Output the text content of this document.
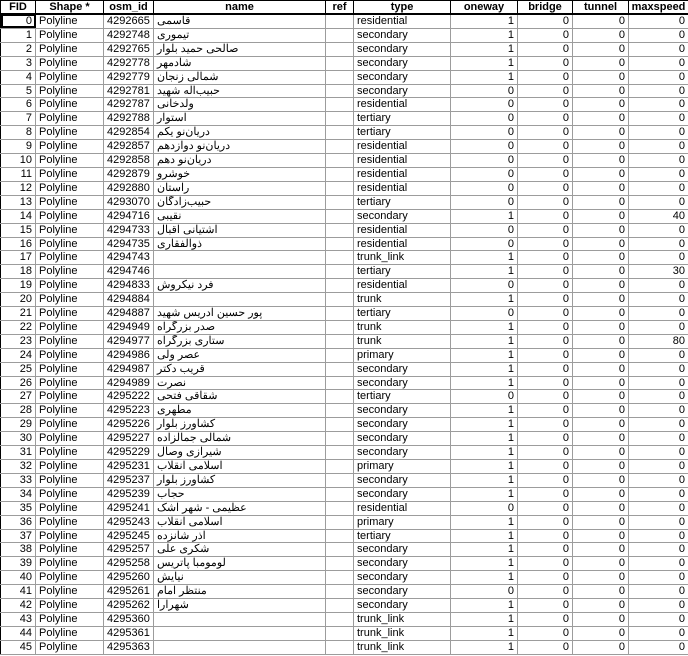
FID	Shape *	osm_id	name	ref	type	oneway	bridge	tunnel	maxspeed
0	Polyline	4292665	قاسمی		residential	1	0	0	0
1	Polyline	4292748	تیموری		secondary	1	0	0	0
2	Polyline	4292765	صالحی حمید بلوار		secondary	1	0	0	0
3	Polyline	4292778	شادمهر		secondary	1	0	0	0
4	Polyline	4292779	شمالی زنجان		secondary	1	0	0	0
5	Polyline	4292781	حبیب‌اله شهید		secondary	0	0	0	0
6	Polyline	4292787	ولدخانی		residential	0	0	0	0
7	Polyline	4292788	استوار		tertiary	0	0	0	0
8	Polyline	4292854	دریان‌نو یکم		tertiary	0	0	0	0
9	Polyline	4292857	دریان‌نو دوازدهم		residential	0	0	0	0
10	Polyline	4292858	دریان‌نو دهم		residential	0	0	0	0
11	Polyline	4292879	خوشرو		residential	0	0	0	0
12	Polyline	4292880	راستان		residential	0	0	0	0
13	Polyline	4293070	حبیب‌زادگان		tertiary	0	0	0	0
14	Polyline	4294716	نقیبی		secondary	1	0	0	40
15	Polyline	4294733	آشتیانی اقبال		residential	0	0	0	0
16	Polyline	4294735	ذوالفقاری		residential	0	0	0	0
17	Polyline	4294743			trunk_link	1	0	0	0
18	Polyline	4294746			tertiary	1	0	0	30
19	Polyline	4294833	فرد نیکروش		residential	0	0	0	0
20	Polyline	4294884			trunk	1	0	0	0
21	Polyline	4294887	پور حسین ادریس شهید		tertiary	0	0	0	0
22	Polyline	4294949	صدر بزرگراه		trunk	1	0	0	0
23	Polyline	4294977	ستاری بزرگراه		trunk	1	0	0	80
24	Polyline	4294986	عصر ولی		primary	1	0	0	0
25	Polyline	4294987	قریب دکتر		secondary	1	0	0	0
26	Polyline	4294989	نصرت		secondary	1	0	0	0
27	Polyline	4295222	شقاقی فتحی		tertiary	0	0	0	0
28	Polyline	4295223	مطهری		secondary	1	0	0	0
29	Polyline	4295226	کشاورز بلوار		secondary	1	0	0	0
30	Polyline	4295227	شمالی جمالزاده		secondary	1	0	0	0
31	Polyline	4295229	شیرازی وصال		secondary	1	0	0	0
32	Polyline	4295231	اسلامی انقلاب		primary	1	0	0	0
33	Polyline	4295237	کشاورز بلوار		secondary	1	0	0	0
34	Polyline	4295239	حجاب		secondary	1	0	0	0
35	Polyline	4295241	عظیمی - شهر اشک		residential	0	0	0	0
36	Polyline	4295243	اسلامی انقلاب		primary	1	0	0	0
37	Polyline	4295245	آذر شانزده		tertiary	1	0	0	0
38	Polyline	4295257	شکری علی		secondary	1	0	0	0
39	Polyline	4295258	لومومبا پاتریس		secondary	1	0	0	0
40	Polyline	4295260	نیایش		secondary	1	0	0	0
41	Polyline	4295261	منتظر امام		secondary	0	0	0	0
42	Polyline	4295262	شهرآرا		secondary	1	0	0	0
43	Polyline	4295360			trunk_link	1	0	0	0
44	Polyline	4295361			trunk_link	1	0	0	0
45	Polyline	4295363			trunk_link	1	0	0	0
